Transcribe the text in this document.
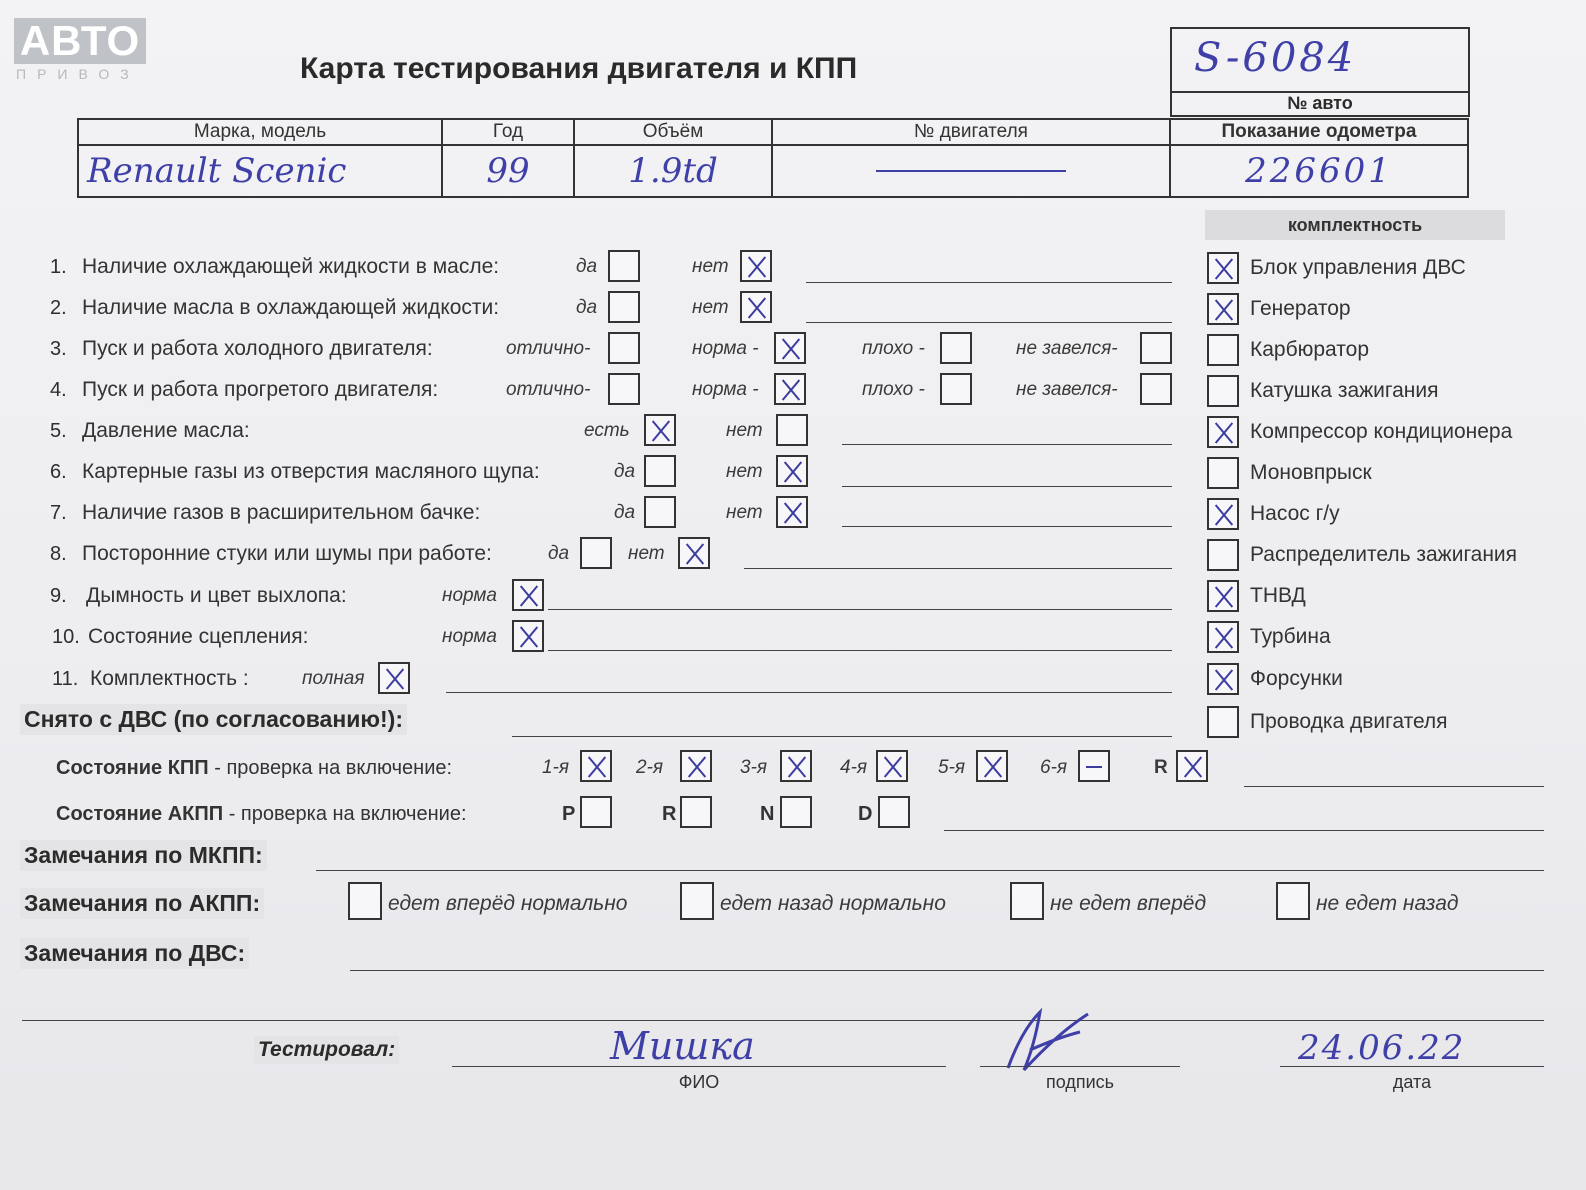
АВТО
ПРИВОЗ	Карта тестирования двигателя и КПП	S-6084
№ авто
Марка, модель	Год	Объём	№ двигателя	Показание одометра
Renault Scenic	99	1.9td		226601
комплектность
Блок управления ДВС
Генератор
Карбюратор
Катушка зажигания
Компрессор кондиционера
Моновпрыск
Насос г/у
Распределитель зажигания
ТНВД
Турбина
Форсунки
Проводка двигателя
1. Наличие охлаждающей жидкости в масле:	да	нет
2. Наличие масла в охлаждающей жидкости:	да	нет
3. Пуск и работа холодного двигателя:	отлично-	норма -	плохо -	не завелся-
4. Пуск и работа прогретого двигателя:	отлично-	норма -	плохо -	не завелся-
5. Давление масла:	есть	нет
6. Картерные газы из отверстия масляного щупа:	да	нет
7. Наличие газов в расширительном бачке:	да	нет
8. Посторонние стуки или шумы при работе:	да	нет
9. Дымность и цвет выхлопа:	норма
10. Состояние сцепления:	норма
11. Комплектность :	полная
Снято с ДВС (по согласованию!):
Состояние КПП - проверка на включение:	1-я	2-я	3-я	4-я	5-я	6-я	R
Состояние АКПП - проверка на включение:	P	R	N	D
Замечания по МКПП:
Замечания по АКПП:	едет вперёд нормально	едет назад нормально	не едет вперёд	не едет назад
Замечания по ДВС:
Тестировал:	Мишка
ФИО	подпись
24.06.22
дата
